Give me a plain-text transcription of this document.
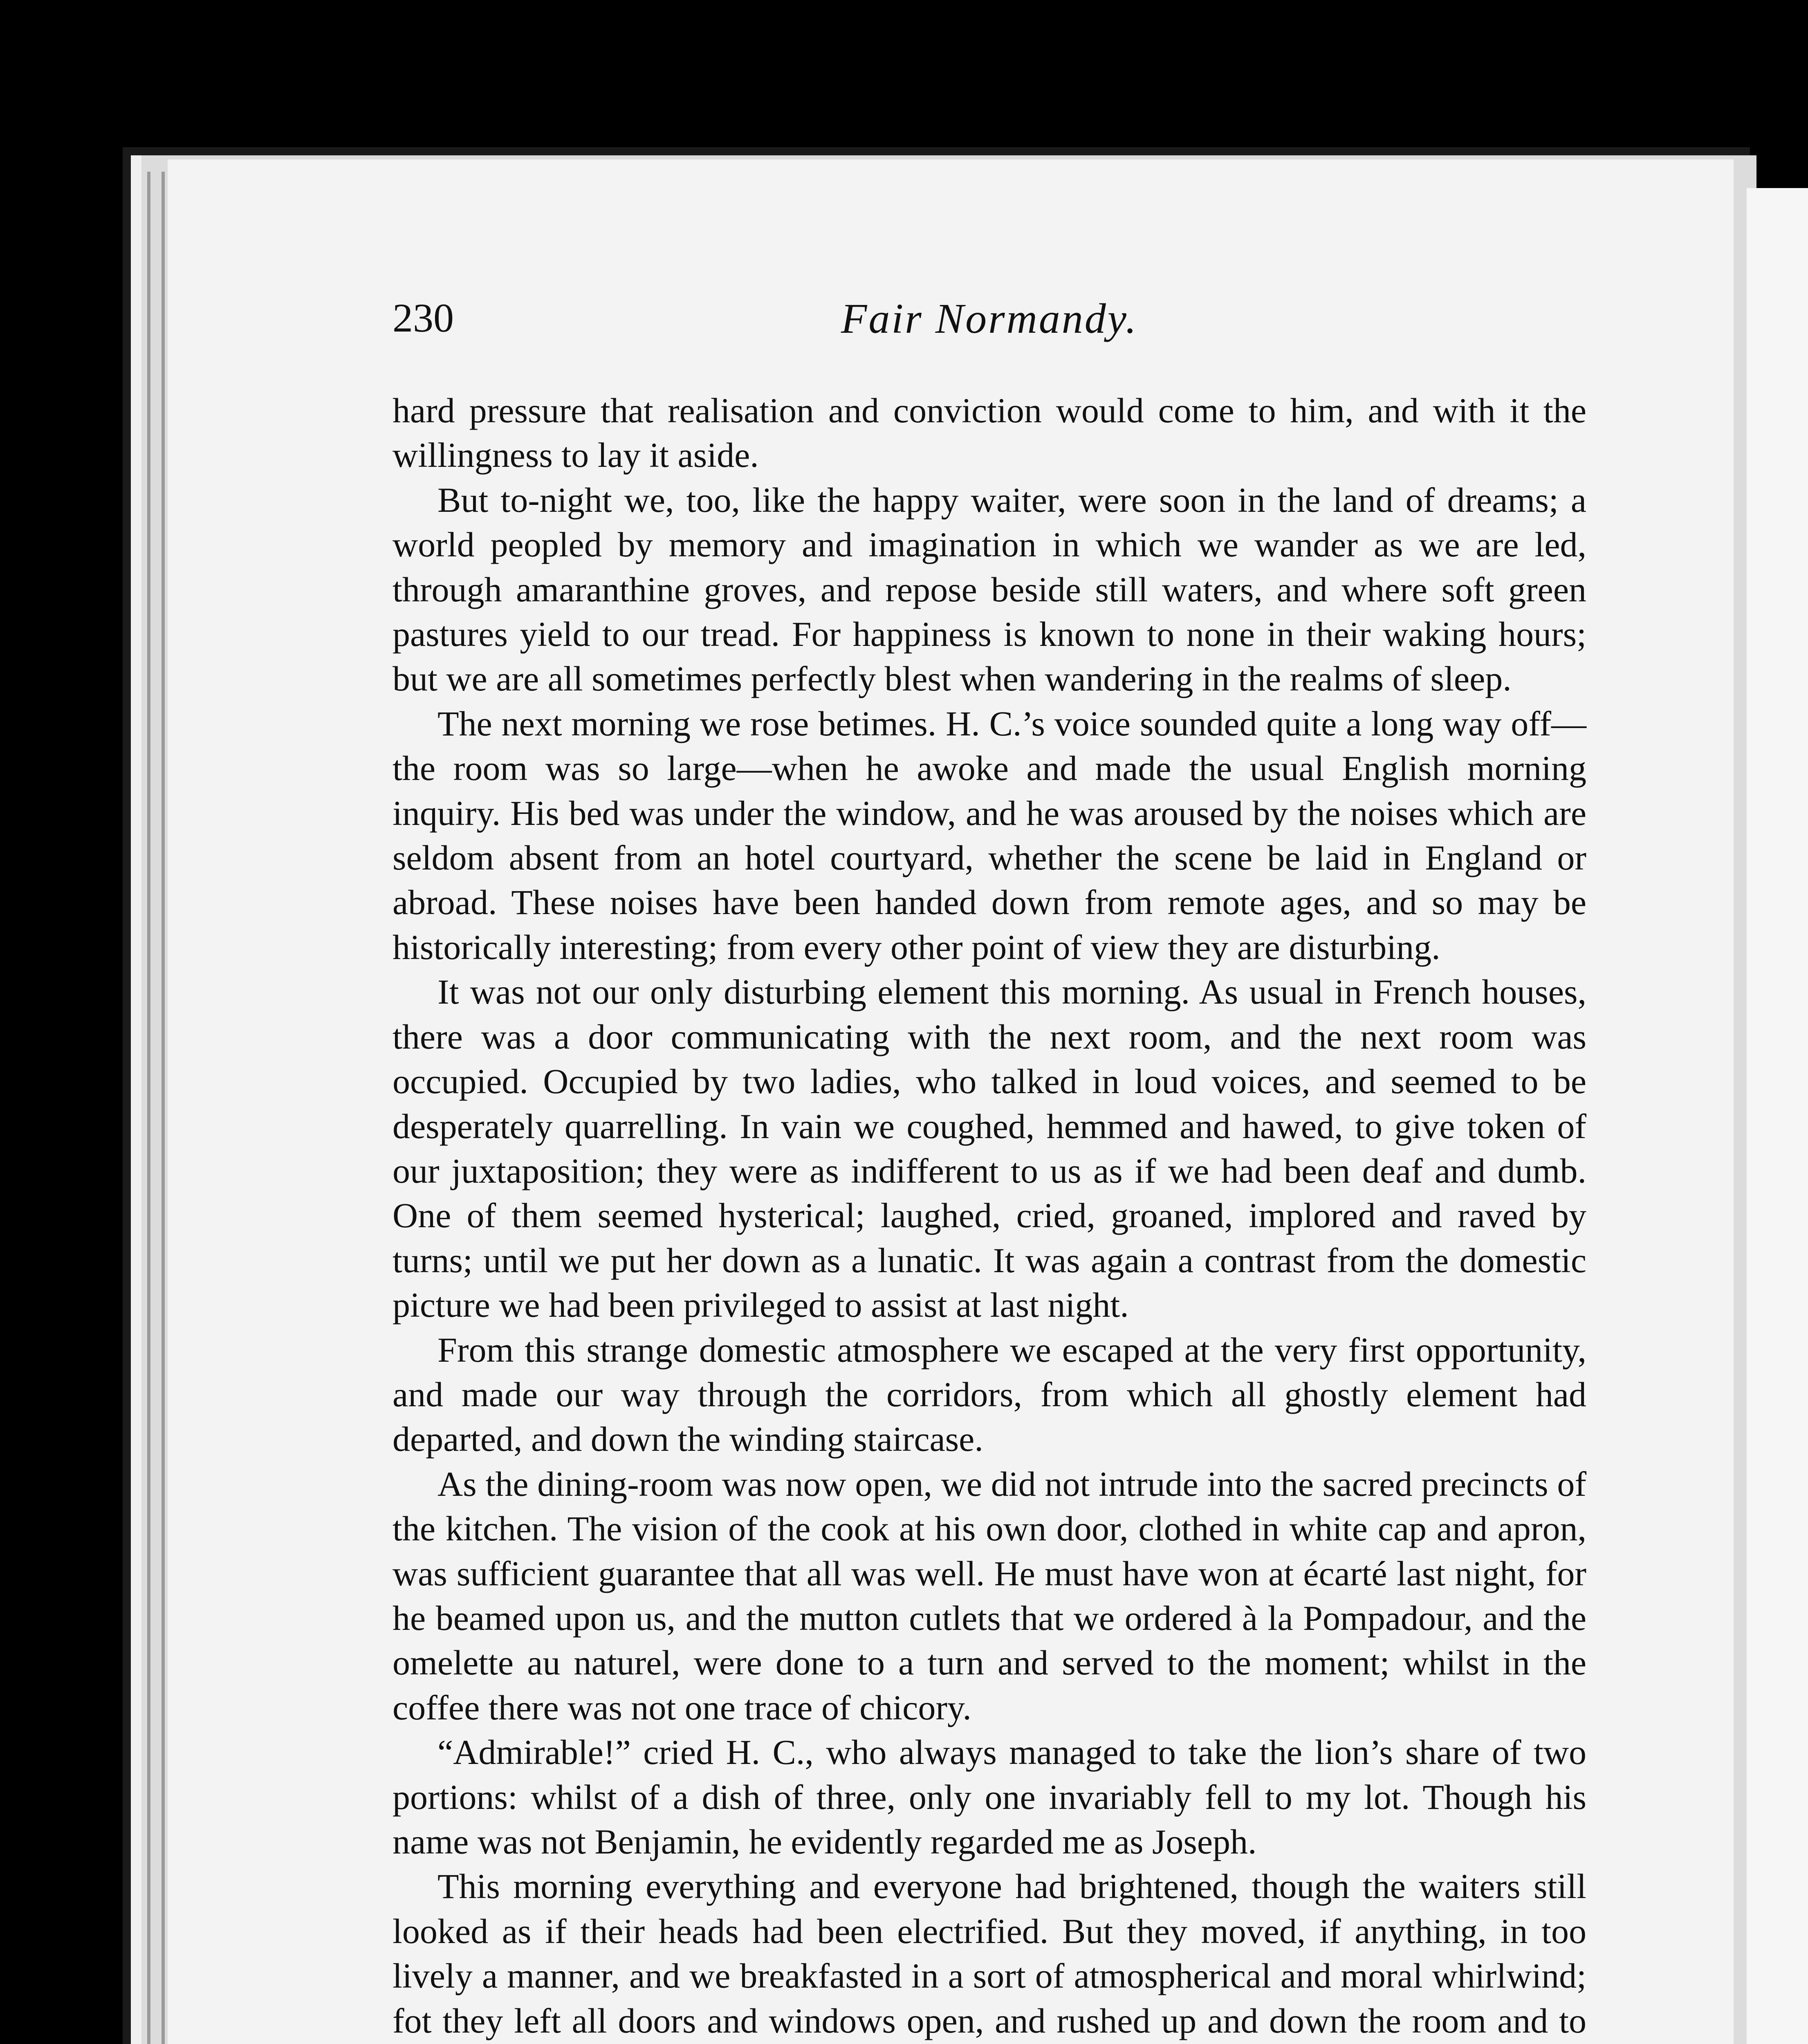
230	Fair Normandy.

hard pressure that realisation and conviction would come to him, and with it the willingness to lay it aside.

But to-night we, too, like the happy waiter, were soon in the land of dreams; a world peopled by memory and imagination in which we wander as we are led, through amaranthine groves, and repose beside still waters, and where soft green pastures yield to our tread. For happiness is known to none in their waking hours; but we are all sometimes perfectly blest when wandering in the realms of sleep.

The next morning we rose betimes. H. C.’s voice sounded quite a long way off—the room was so large—when he awoke and made the usual English morning inquiry. His bed was under the window, and he was aroused by the noises which are seldom absent from an hotel courtyard, whether the scene be laid in England or abroad. These noises have been handed down from remote ages, and so may be historically interesting; from every other point of view they are disturbing.

It was not our only disturbing element this morning. As usual in French houses, there was a door communicating with the next room, and the next room was occupied. Occupied by two ladies, who talked in loud voices, and seemed to be desperately quarrelling. In vain we coughed, hemmed and hawed, to give token of our juxtaposition; they were as indifferent to us as if we had been deaf and dumb. One of them seemed hysterical; laughed, cried, groaned, implored and raved by turns; until we put her down as a lunatic. It was again a contrast from the domestic picture we had been privileged to assist at last night.

From this strange domestic atmosphere we escaped at the very first opportunity, and made our way through the corridors, from which all ghostly element had departed, and down the winding staircase.

As the dining-room was now open, we did not intrude into the sacred precincts of the kitchen. The vision of the cook at his own door, clothed in white cap and apron, was sufficient guarantee that all was well. He must have won at écarté last night, for he beamed upon us, and the mutton cutlets that we ordered à la Pompadour, and the omelette au naturel, were done to a turn and served to the moment; whilst in the coffee there was not one trace of chicory.

“Admirable!” cried H. C., who always managed to take the lion’s share of two portions: whilst of a dish of three, only one invariably fell to my lot. Though his name was not Benjamin, he evidently regarded me as Joseph.

This morning everything and everyone had brightened, though the waiters still looked as if their heads had been electrified. But they moved, if anything, in too lively a manner, and we breakfasted in a sort of atmospherical and moral whirlwind; fot they left all doors and windows open, and rushed up and down the room and to
